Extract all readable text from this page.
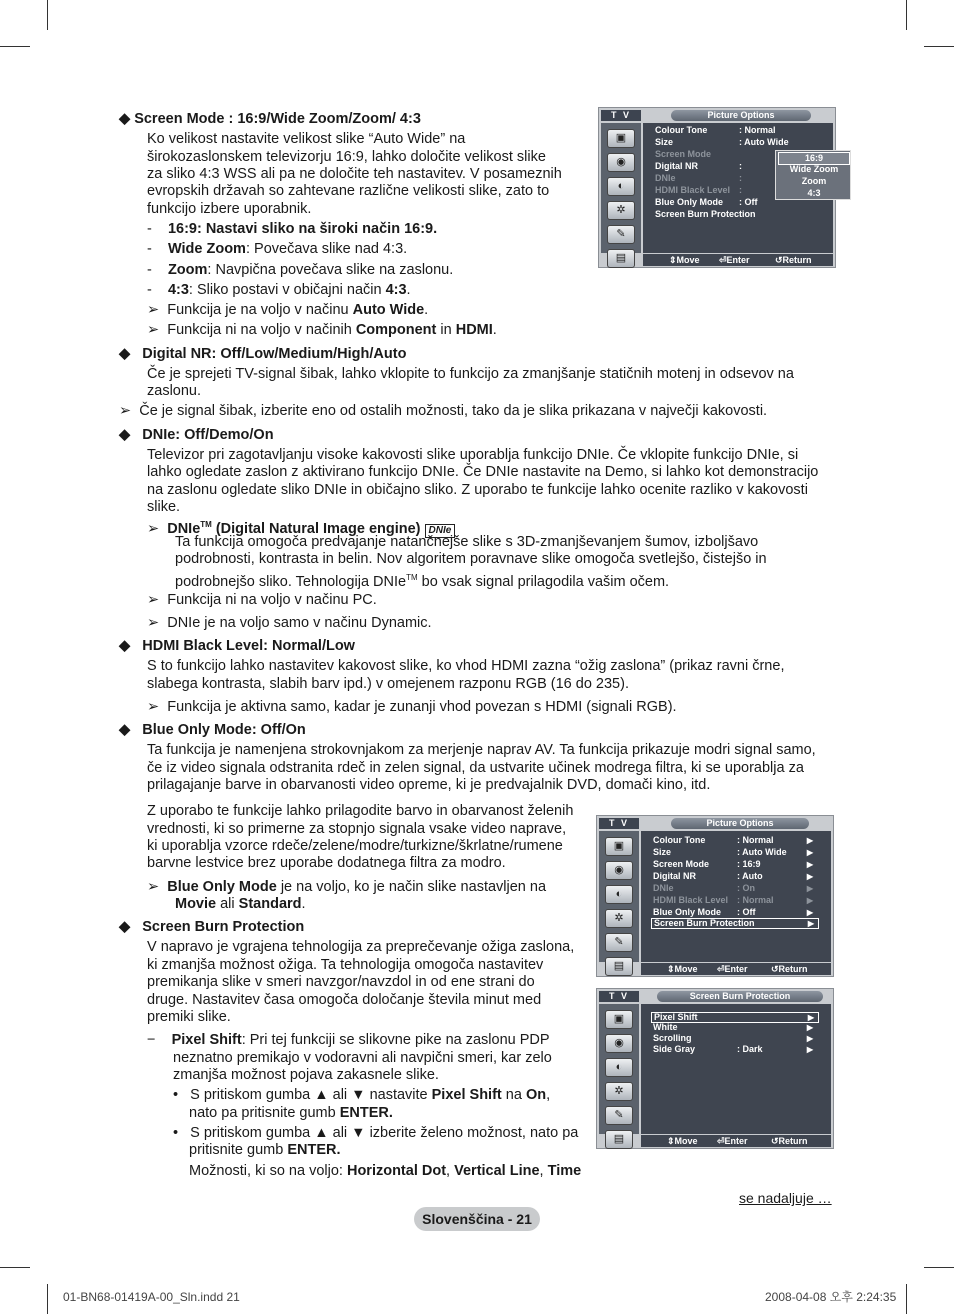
◆ Screen Mode : 16:9/Wide Zoom/Zoom/ 4:3
Ko velikost nastavite velikost slike “Auto Wide” na
širokozaslonskem televizorju 16:9, lahko določite velikost slike
za sliko 4:3 WSS ali pa ne določite teh nastavitev. V posameznih
evropskih državah so zahtevane različne velikosti slike, zato to
funkcijo izbere uporabnik.
-    16:9: Nastavi sliko na široki način 16:9.
-    Wide Zoom: Povečava slike nad 4:3.
-    Zoom: Navpična povečava slike na zaslonu.
-    4:3: Sliko postavi v običajni način 4:3.
➢ Funkcija je na voljo v načinu Auto Wide.
➢ Funkcija ni na voljo v načinih Component in HDMI.
◆   Digital NR: Off/Low/Medium/High/Auto
Če je sprejeti TV-signal šibak, lahko vklopite to funkcijo za zmanjšanje statičnih motenj in odsevov na
zaslonu.
➢ Če je signal šibak, izberite eno od ostalih možnosti, tako da je slika prikazana v največji kakovosti.
◆   DNIe: Off/Demo/On
Televizor pri zagotavljanju visoke kakovosti slike uporablja funkcijo DNIe. Če vklopite funkcijo DNIe, si
lahko ogledate zaslon z aktivirano funkcijo DNIe. Če DNIe nastavite na Demo, si lahko kot demonstracijo
na zaslonu ogledate sliko DNIe in običajno sliko. Z uporabo te funkcije lahko ocenite razliko v kakovosti
slike.
➢ DNIe™ (Digital Natural Image engine) DNIe
Ta funkcija omogoča predvajanje natančnejše slike s 3D-zmanjševanjem šumov, izboljšavo
podrobnosti, kontrasta in belin. Nov algoritem poravnave slike omogoča svetlejšo, čistejšo in
podrobnejšo sliko. Tehnologija DNIe™ bo vsak signal prilagodila vašim očem.
➢ Funkcija ni na voljo v načinu PC.
➢ DNIe je na voljo samo v načinu Dynamic.
◆   HDMI Black Level: Normal/Low
S to funkcijo lahko nastavitev kakovost slike, ko vhod HDMI zazna “ožig zaslona” (prikaz ravni črne,
slabega kontrasta, slabih barv ipd.) v omejenem razponu RGB (16 do 235).
➢ Funkcija je aktivna samo, kadar je zunanji vhod povezan s HDMI (signali RGB).
◆   Blue Only Mode: Off/On
Ta funkcija je namenjena strokovnjakom za merjenje naprav AV. Ta funkcija prikazuje modri signal samo,
če iz video signala odstranita rdeč in zelen signal, da ustvarite učinek modrega filtra, ki se uporablja za
prilagajanje barve in obarvanosti video opreme, ki je predvajalnik DVD, domači kino, itd.
Z uporabo te funkcije lahko prilagodite barvo in obarvanost želenih
vrednosti, ki so primerne za stopnjo signala vsake video naprave,
ki uporablja vzorce rdeče/zelene/modre/turkizne/škrlatne/rumene
barvne lestvice brez uporabe dodatnega filtra za modro.
➢ Blue Only Mode je na voljo, ko je način slike nastavljen na
Movie ali Standard.
◆   Screen Burn Protection
V napravo je vgrajena tehnologija za preprečevanje ožiga zaslona,
ki zmanjša možnost ožiga. Ta tehnologija omogoča nastavitev
premikanja slike v smeri navzgor/navzdol in od ene strani do
druge. Nastavitev časa omogoča določanje števila minut med
premiki slike.
−    Pixel Shift: Pri tej funkciji se slikovne pike na zaslonu PDP
neznatno premikajo v vodoravni ali navpični smeri, kar zelo
zmanjša možnost pojava zakasnele slike.
•   S pritiskom gumba ▲ ali ▼ nastavite Pixel Shift na On,
nato pa pritisnite gumb ENTER.
•   S pritiskom gumba ▲ ali ▼ izberite želeno možnost, nato pa
pritisnite gumb ENTER.
Možnosti, ki so na voljo: Horizontal Dot, Vertical Line, Time
T V	Picture Options
▣
◉
◐
✲
✎
▤
Colour Tone	: Normal
Size	: Auto Wide
Screen Mode
Digital NR	:
DNIe	:
HDMI Black Level :
Blue Only Mode : Off
Screen Burn Protection
16:9
Wide Zoom
Zoom
4:3
⇕ Move ⏎ Enter	↺ Return
T V	Picture Options
▣
◉
◐
✲
✎
▤
Colour Tone	: Normal	▶
Size	: Auto Wide	▶
Screen Mode	: 16:9	▶
Digital NR	: Auto	▶
DNIe	: On	▶
HDMI Black Level : Normal	▶
Blue Only Mode : Off	▶
Screen Burn Protection	▶
⇕ Move ⏎ Enter	↺ Return
T V	Screen Burn Protection
▣
◉
◐
✲
✎
▤
Pixel Shift	▶
White	▶
Scrolling	▶
Side Gray	: Dark	▶
⇕ Move ⏎ Enter	↺ Return
se nadaljuje …
Slovenščina - 21
01-BN68-01419A-00_Sln.indd 21	2008-04-08 오후 2:24:35
